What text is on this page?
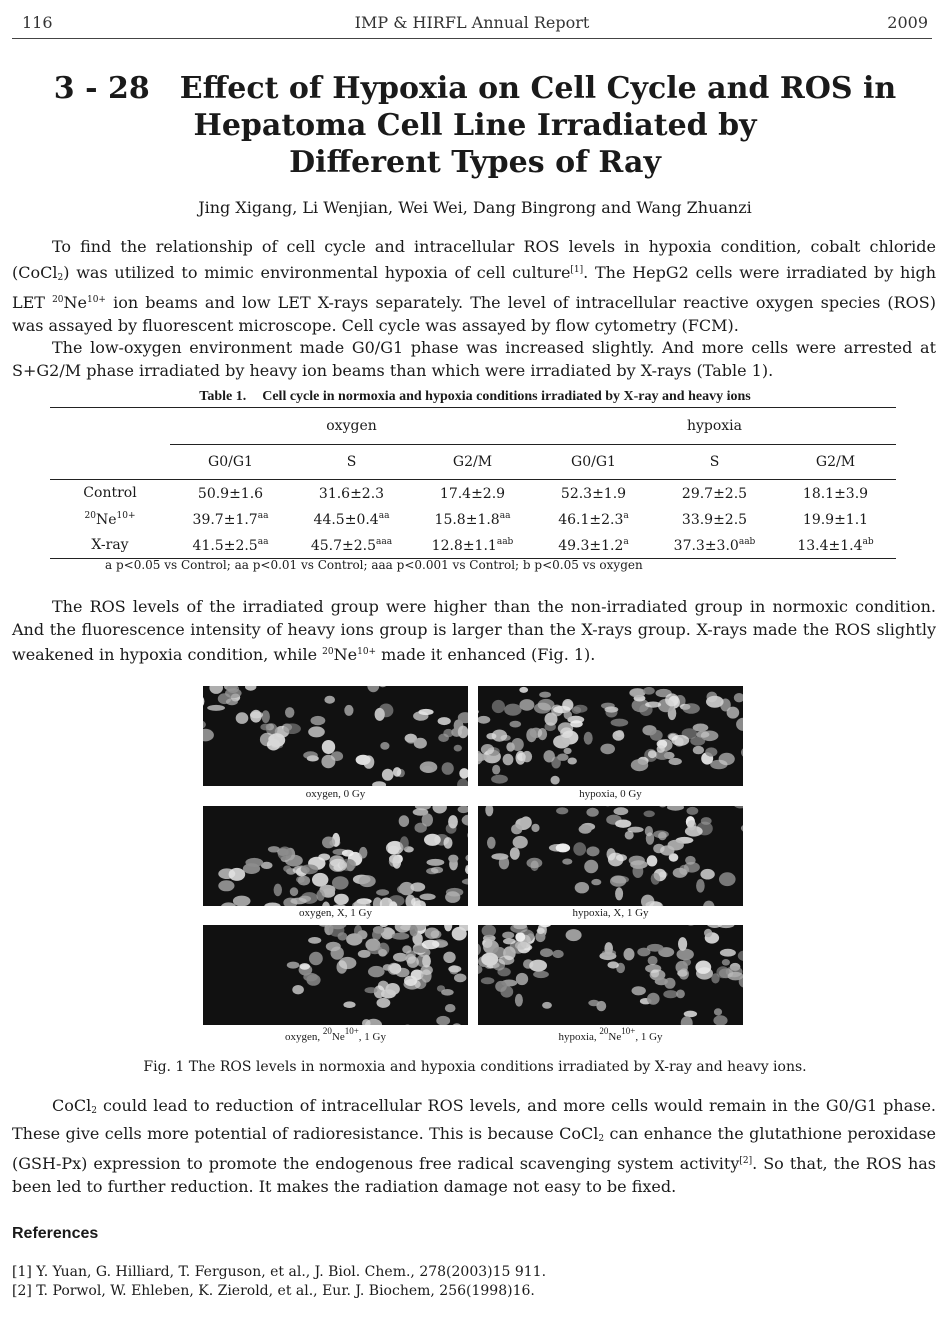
116	IMP & HIRFL Annual Report	2009
3 - 28 Effect of Hypoxia on Cell Cycle and ROS in
Hepatoma Cell Line Irradiated by
Different Types of Ray
Jing Xigang, Li Wenjian, Wei Wei, Dang Bingrong and Wang Zhuanzi

To find the relationship of cell cycle and intracellular ROS levels in hypoxia condition, cobalt chloride (CoCl$_2$) was utilized to mimic environmental hypoxia of cell culture[1]. The HepG2 cells were irradiated by high LET $^{20}Ne^{10+}$ ion beams and low LET X-rays separately. The level of intracellular reactive oxygen species (ROS) was assayed by fluorescent microscope. Cell cycle was assayed by flow cytometry (FCM).

The low-oxygen environment made G0/G1 phase was increased slightly. And more cells were arrested at S+G2/M phase irradiated by heavy ion beams than which were irradiated by X-rays (Table 1).

Table 1. Cell cycle in normoxia and hypoxia conditions irradiated by X-ray and heavy ions
	oxygen			hypoxia		
	G0/G1	S	G2/M	G0/G1	S	G2/M
Control	50.9±1.6	31.6±2.3	17.4±2.9	52.3±1.9	29.7±2.5	18.1±3.9
$^{20}Ne^{10+}$	39.7±1.7$^{aa}$	44.5±0.4$^{aa}$	15.8±1.8$^{aa}$	46.1±2.3$^a$	33.9±2.5	19.9±1.1
X-ray	41.5±2.5$^{aa}$	45.7±2.5$^{aaa}$	12.8±1.1$^{aab}$	49.3±1.2$^a$	37.3±3.0$^{aab}$	13.4±1.4$^{ab}$
a p<0.05 vs Control; aa p<0.01 vs Control; aaa p<0.001 vs Control; b p<0.05 vs oxygen

The ROS levels of the irradiated group were higher than the non-irradiated group in normoxic condition. And the fluorescence intensity of heavy ions group is larger than the X-rays group. X-rays made the ROS slightly weakened in hypoxia condition, while $^{20}Ne^{10+}$ made it enhanced (Fig. 1).

oxygen, 0 Gy	hypoxia, 0 Gy
oxygen, X, 1 Gy	hypoxia, X, 1 Gy
oxygen, $^{20}Ne^{10+}$, 1 Gy	hypoxia, $^{20}Ne^{10+}$, 1 Gy
Fig. 1 The ROS levels in normoxia and hypoxia conditions irradiated by X-ray and heavy ions.

CoCl$_2$ could lead to reduction of intracellular ROS levels, and more cells would remain in the G0/G1 phase. These give cells more potential of radioresistance. This is because CoCl$_2$ can enhance the glutathione peroxidase (GSH-Px) expression to promote the endogenous free radical scavenging system activity[2]. So that, the ROS has been led to further reduction. It makes the radiation damage not easy to be fixed.

References
[1] Y. Yuan, G. Hilliard, T. Ferguson, et al., J. Biol. Chem., 278(2003)15 911.
[2] T. Porwol, W. Ehleben, K. Zierold, et al., Eur. J. Biochem, 256(1998)16.
